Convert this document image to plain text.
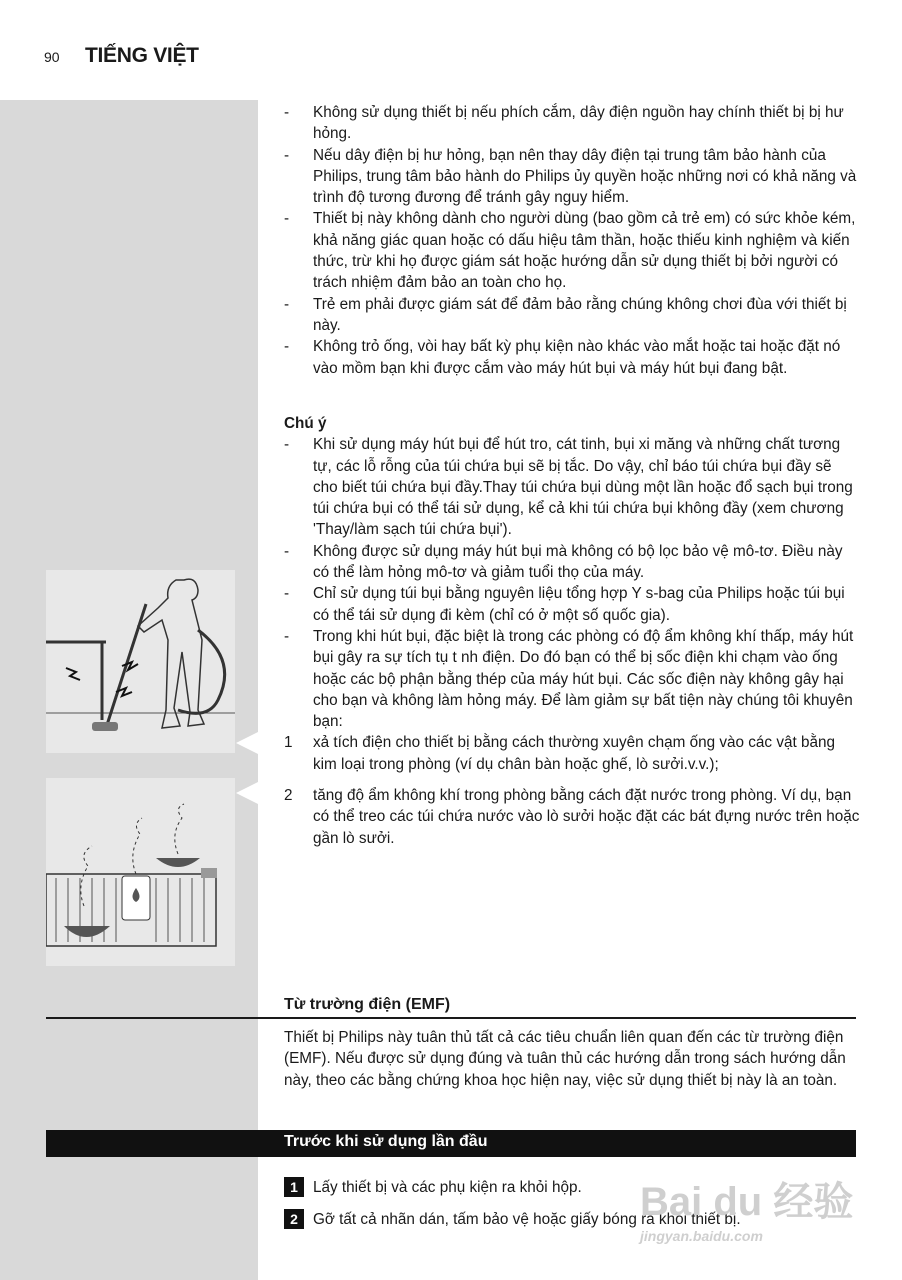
90 TIẾNG VIỆT
- Không sử dụng thiết bị nếu phích cắm, dây điện nguồn hay chính thiết bị bị hư hỏng.
- Nếu dây điện bị hư hỏng, bạn nên thay dây điện tại trung tâm bảo hành của Philips, trung tâm bảo hành do Philips ủy quyền hoặc những nơi có khả năng và trình độ tương đương để tránh gây nguy hiểm.
- Thiết bị này không dành cho người dùng (bao gồm cả trẻ em) có sức khỏe kém, khả năng giác quan hoặc có dấu hiệu tâm thần, hoặc thiếu kinh nghiệm và kiến thức, trừ khi họ được giám sát hoặc hướng dẫn sử dụng thiết bị bởi người có trách nhiệm đảm bảo an toàn cho họ.
- Trẻ em phải được giám sát để đảm bảo rằng chúng không chơi đùa với thiết bị này.
- Không trỏ ống, vòi hay bất kỳ phụ kiện nào khác vào mắt hoặc tai hoặc đặt nó vào mồm bạn khi được cắm vào máy hút bụi và máy hút bụi đang bật.
Chú ý
- Khi sử dụng máy hút bụi để hút tro, cát tinh, bụi xi măng và những chất tương tự, các lỗ rỗng của túi chứa bụi sẽ bị tắc. Do vậy, chỉ báo túi chứa bụi đầy sẽ cho biết túi chứa bụi đầy.Thay túi chứa bụi dùng một lần hoặc đổ sạch bụi trong túi chứa bụi có thể tái sử dụng, kể cả khi túi chứa bụi không đầy (xem chương 'Thay/làm sạch túi chứa bụi').
- Không được sử dụng máy hút bụi mà không có bộ lọc bảo vệ mô-tơ. Điều này có thể làm hỏng mô-tơ và giảm tuổi thọ của máy.
- Chỉ sử dụng túi bụi bằng nguyên liệu tổng hợp Y s-bag của Philips hoặc túi bụi có thể tái sử dụng đi kèm (chỉ có ở một số quốc gia).
- Trong khi hút bụi, đặc biệt là trong các phòng có độ ẩm không khí thấp, máy hút bụi gây ra sự tích tụ t nh điện. Do đó bạn có thể bị sốc điện khi chạm vào ống hoặc các bộ phận bằng thép của máy hút bụi. Các sốc điện này không gây hại cho bạn và không làm hỏng máy. Để làm giảm sự bất tiện này chúng tôi khuyên bạn:
1 xả tích điện cho thiết bị bằng cách thường xuyên chạm ống vào các vật bằng kim loại trong phòng (ví dụ chân bàn hoặc ghế, lò sưởi.v.v.);
2 tăng độ ẩm không khí trong phòng bằng cách đặt nước trong phòng. Ví dụ, bạn có thể treo các túi chứa nước vào lò sưởi hoặc đặt các bát đựng nước trên hoặc gần lò sưởi.
Từ trường điện (EMF)
Thiết bị Philips này tuân thủ tất cả các tiêu chuẩn liên quan đến các từ trường điện (EMF). Nếu được sử dụng đúng và tuân thủ các hướng dẫn trong sách hướng dẫn này, theo các bằng chứng khoa học hiện nay, việc sử dụng thiết bị này là an toàn.
Trước khi sử dụng lần đầu
1 Lấy thiết bị và các phụ kiện ra khỏi hộp.
2 Gỡ tất cả nhãn dán, tấm bảo vệ hoặc giấy bóng ra khỏi thiết bị.
Bai du 经验
jingyan.baidu.com
